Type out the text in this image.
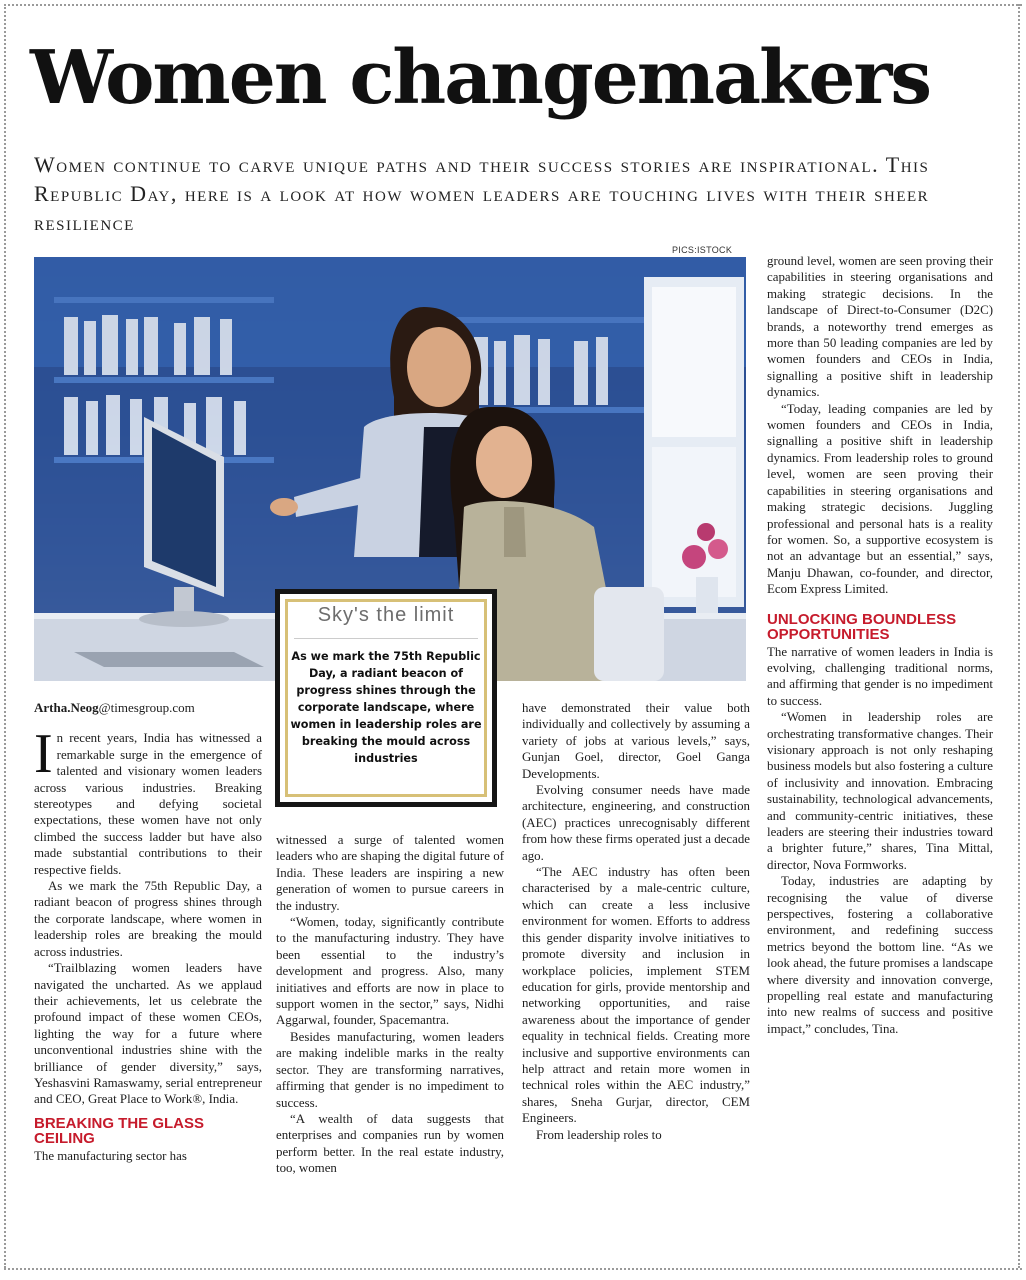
Women changemakers

Women continue to carve unique paths and their success stories are inspirational. This Republic Day, here is a look at how women leaders are touching lives with their sheer resilience

PICS:ISTOCK
Sky's the limit
As we mark the 75th Republic Day, a radiant beacon of progress shines through the corporate landscape, where women in leadership roles are breaking the mould across industries

Artha.Neog@timesgroup.com

In recent years, India has witnessed a remarkable surge in the emergence of talented and visionary women leaders across various industries. Breaking stereotypes and defying societal expectations, these women have not only climbed the success ladder but have also made substantial contributions to their respective fields.

As we mark the 75th Republic Day, a radiant beacon of progress shines through the corporate landscape, where women in leadership roles are breaking the mould across industries.

“Trailblazing women leaders have navigated the uncharted. As we applaud their achievements, let us celebrate the profound impact of these women CEOs, lighting the way for a future where unconventional industries shine with the brilliance of gender diversity,” says, Yeshasvini Ramaswamy, serial entrepreneur and CEO, Great Place to Work®, India.

BREAKING THE GLASS CEILING

The manufacturing sector has

witnessed a surge of talented women leaders who are shaping the digital future of India. These leaders are inspiring a new generation of women to pursue careers in the industry.

“Women, today, significantly contribute to the manufacturing industry. They have been essential to the industry’s development and progress. Also, many initiatives and efforts are now in place to support women in the sector,” says, Nidhi Aggarwal, founder, Spacemantra.

Besides manufacturing, women leaders are making indelible marks in the realty sector. They are transforming narratives, affirming that gender is no impediment to success.

“A wealth of data suggests that enterprises and companies run by women perform better. In the real estate industry, too, women

have demonstrated their value both individually and collectively by assuming a variety of jobs at various levels,” says, Gunjan Goel, director, Goel Ganga Developments.

Evolving consumer needs have made architecture, engineering, and construction (AEC) practices unrecognisably different from how these firms operated just a decade ago.

“The AEC industry has often been characterised by a male-centric culture, which can create a less inclusive environment for women. Efforts to address this gender disparity involve initiatives to promote diversity and inclusion in workplace policies, implement STEM education for girls, provide mentorship and networking opportunities, and raise awareness about the importance of gender equality in technical fields. Creating more inclusive and supportive environments can help attract and retain more women in technical roles within the AEC industry,” shares, Sneha Gurjar, director, CEM Engineers.

From leadership roles to

ground level, women are seen proving their capabilities in steering organisations and making strategic decisions. In the landscape of Direct-to-Consumer (D2C) brands, a noteworthy trend emerges as more than 50 leading companies are led by women founders and CEOs in India, signalling a positive shift in leadership dynamics.

“Today, leading companies are led by women founders and CEOs in India, signalling a positive shift in leadership dynamics. From leadership roles to ground level, women are seen proving their capabilities in steering organisations and making strategic decisions. Juggling professional and personal hats is a reality for women. So, a supportive ecosystem is not an advantage but an essential,” says, Manju Dhawan, co-founder, and director, Ecom Express Limited.

UNLOCKING BOUNDLESS OPPORTUNITIES

The narrative of women leaders in India is evolving, challenging traditional norms, and affirming that gender is no impediment to success.

“Women in leadership roles are orchestrating transformative changes. Their visionary approach is not only reshaping business models but also fostering a culture of inclusivity and innovation. Embracing sustainability, technological advancements, and community-centric initiatives, these leaders are steering their industries toward a brighter future,” shares, Tina Mittal, director, Nova Formworks.

Today, industries are adapting by recognising the value of diverse perspectives, fostering a collaborative environment, and redefining success metrics beyond the bottom line. “As we look ahead, the future promises a landscape where diversity and innovation converge, propelling real estate and manufacturing into new realms of success and positive impact,” concludes, Tina.
